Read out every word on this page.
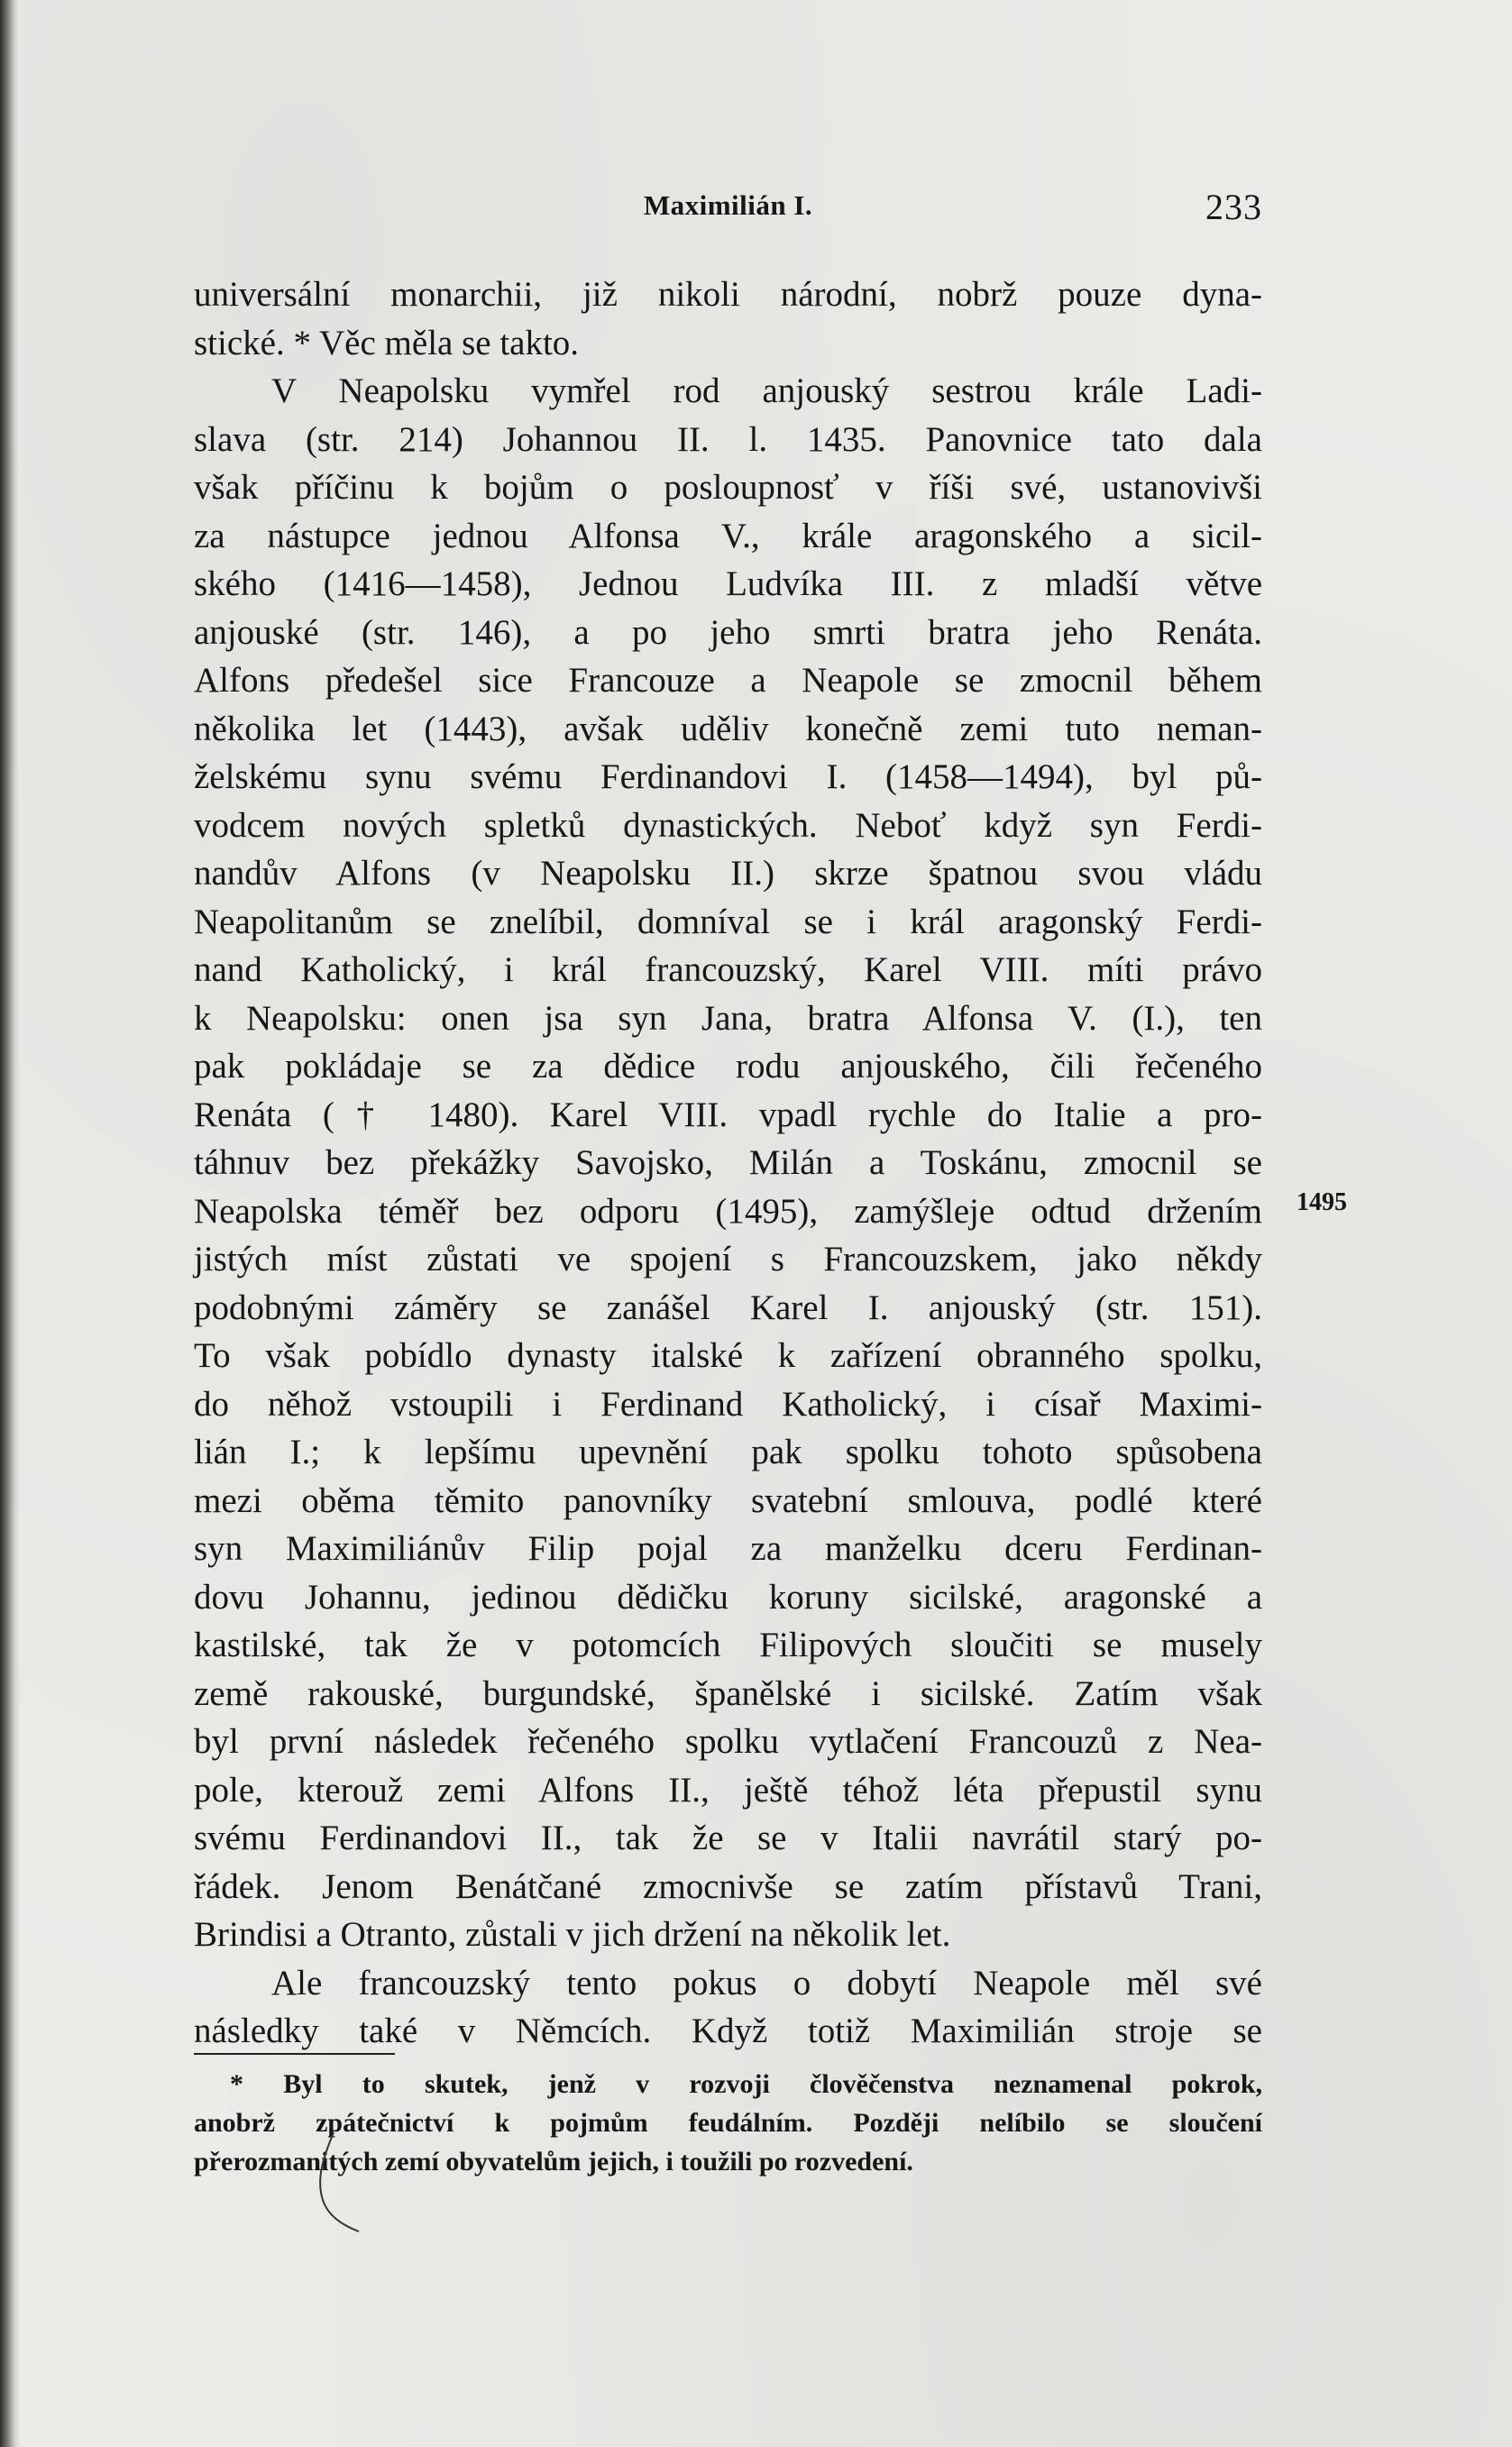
Maximilián I.	233
universální monarchii, již nikoli národní, nobrž pouze dyna-
stické. * Věc měla se takto.
V Neapolsku vymřel rod anjouský sestrou krále Ladi-
slava (str. 214) Johannou II. l. 1435. Panovnice tato dala
však příčinu k bojům o posloupnosť v říši své, ustanovivši
za nástupce jednou Alfonsa V., krále aragonského a sicil-
ského (1416—1458), Jednou Ludvíka III. z mladší větve
anjouské (str. 146), a po jeho smrti bratra jeho Renáta.
Alfons předešel sice Francouze a Neapole se zmocnil během
několika let (1443), avšak uděliv konečně zemi tuto neman-
želskému synu svému Ferdinandovi I. (1458—1494), byl pů-
vodcem nových spletků dynastických. Neboť když syn Ferdi-
nandův Alfons (v Neapolsku II.) skrze špatnou svou vládu
Neapolitanům se znelíbil, domníval se i král aragonský Ferdi-
nand Katholický, i král francouzský, Karel VIII. míti právo
k Neapolsku: onen jsa syn Jana, bratra Alfonsa V. (I.), ten
pak pokládaje se za dědice rodu anjouského, čili řečeného
Renáta († 1480). Karel VIII. vpadl rychle do Italie a pro-
táhnuv bez překážky Savojsko, Milán a Toskánu, zmocnil se
Neapolska téměř bez odporu (1495), zamýšleje odtud držením
jistých míst zůstati ve spojení s Francouzskem, jako někdy
podobnými záměry se zanášel Karel I. anjouský (str. 151).
To však pobídlo dynasty italské k zařízení obranného spolku,
do něhož vstoupili i Ferdinand Katholický, i císař Maximi-
lián I.; k lepšímu upevnění pak spolku tohoto spůsobena
mezi oběma těmito panovníky svatební smlouva, podlé které
syn Maximiliánův Filip pojal za manželku dceru Ferdinan-
dovu Johannu, jedinou dědičku koruny sicilské, aragonské a
kastilské, tak že v potomcích Filipových sloučiti se musely
země rakouské, burgundské, španělské i sicilské. Zatím však
byl první následek řečeného spolku vytlačení Francouzů z Nea-
pole, kterouž zemi Alfons II., ještě téhož léta přepustil synu
svému Ferdinandovi II., tak že se v Italii navrátil starý po-
řádek. Jenom Benátčané zmocnivše se zatím přístavů Trani,
Brindisi a Otranto, zůstali v jich držení na několik let.
Ale francouzský tento pokus o dobytí Neapole měl své
následky také v Němcích. Když totiž Maximilián stroje se
1495
* Byl to skutek, jenž v rozvoji člověčenstva neznamenal pokrok,
anobrž zpátečnictví k pojmům feudálním. Později nelíbilo se sloučení
přerozmanitých zemí obyvatelům jejich, i toužili po rozvedení.
